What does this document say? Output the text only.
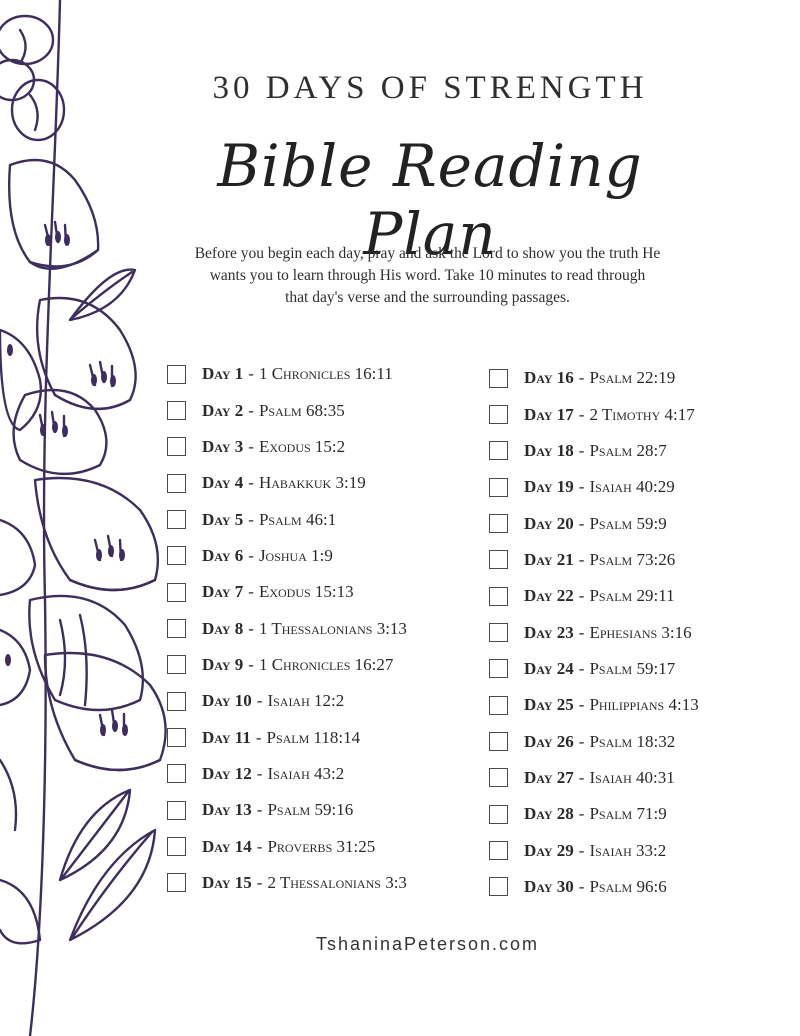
30 DAYS OF STRENGTH
Bible Reading Plan
Before you begin each day, pray and ask the Lord to show you the truth He
wants you to learn through His word. Take 10 minutes to read through
that day's verse and the surrounding passages.
Day 1 - 1 Chronicles 16:11
Day 2 - Psalm 68:35
Day 3 - Exodus 15:2
Day 4 - Habakkuk 3:19
Day 5 - Psalm 46:1
Day 6 - Joshua 1:9
Day 7 - Exodus 15:13
Day 8 - 1 Thessalonians 3:13
Day 9 - 1 Chronicles 16:27
Day 10 - Isaiah 12:2
Day 11 - Psalm 118:14
Day 12 - Isaiah 43:2
Day 13 - Psalm 59:16
Day 14 - Proverbs 31:25
Day 15 - 2 Thessalonians 3:3
Day 16 - Psalm 22:19
Day 17 - 2 Timothy 4:17
Day 18 - Psalm 28:7
Day 19 - Isaiah 40:29
Day 20 - Psalm 59:9
Day 21 - Psalm 73:26
Day 22 - Psalm 29:11
Day 23 - Ephesians 3:16
Day 24 - Psalm 59:17
Day 25 - Philippians 4:13
Day 26 - Psalm 18:32
Day 27 - Isaiah 40:31
Day 28 - Psalm 71:9
Day 29 - Isaiah 33:2
Day 30 - Psalm 96:6
TshaninaPeterson.com
